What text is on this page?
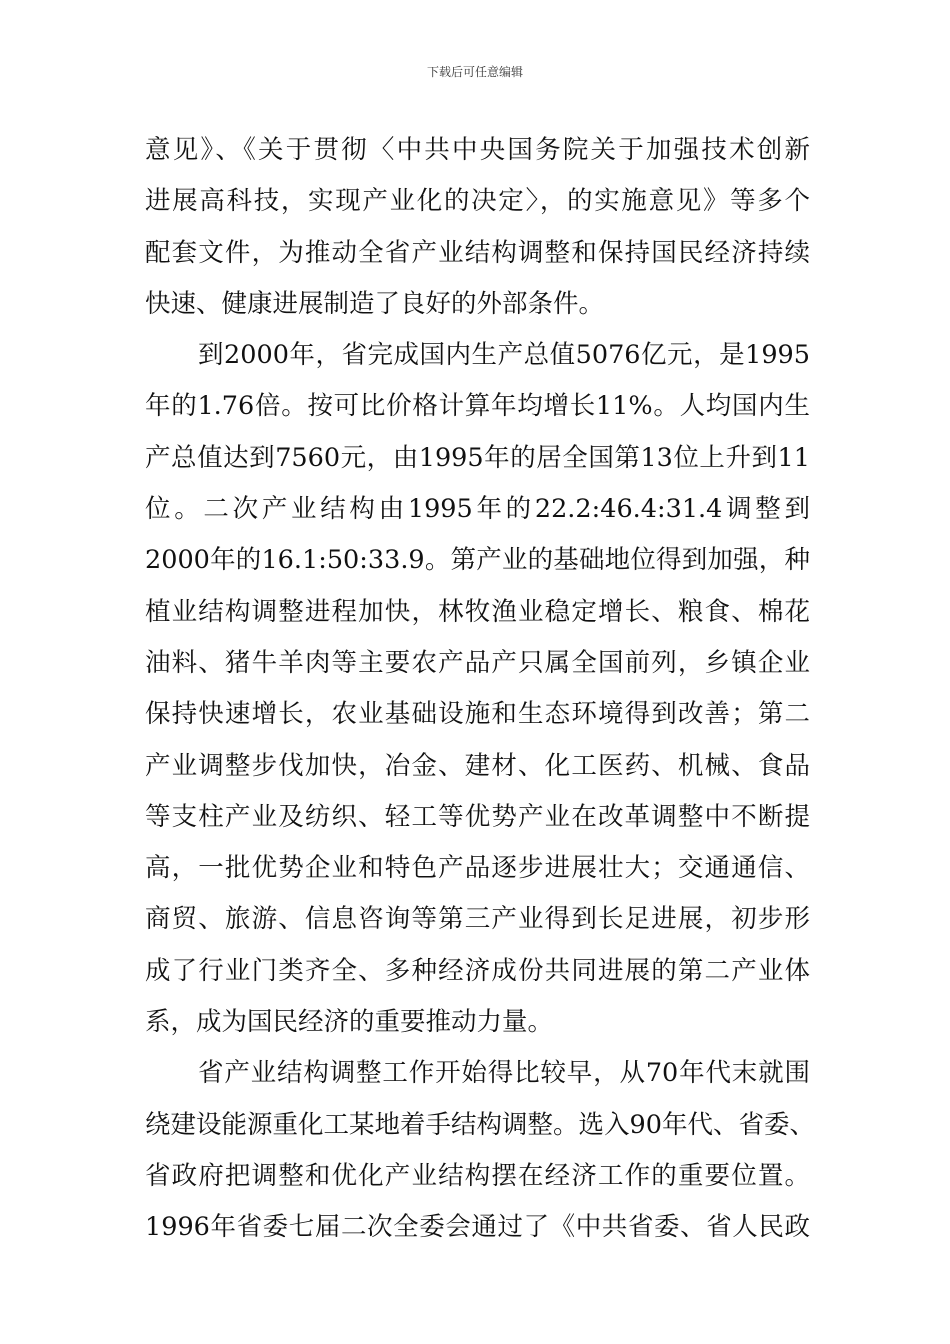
下载后可任意编辑
意见》、《关于贯彻〈中共中央国务院关于加强技术创新
进展高科技，实现产业化的决定〉，的实施意见》等多个
配套文件，为推动全省产业结构调整和保持国民经济持续
快速、健康进展制造了良好的外部条件。
到2000年，省完成国内生产总值5076亿元，是1995
年的1.76倍。按可比价格计算年均增长11%。人均国内生
产总值达到7560元，由1995年的居全国第13位上升到11
位。二次产业结构由1995年的22.2:46.4:31.4调整到
2000年的16.1:50:33.9。第产业的基础地位得到加强，种
植业结构调整进程加快，林牧渔业稳定增长、粮食、棉花
油料、猪牛羊肉等主要农产品产只属全国前列，乡镇企业
保持快速增长，农业基础设施和生态环境得到改善；第二
产业调整步伐加快，冶金、建材、化工医药、机械、食品
等支柱产业及纺织、轻工等优势产业在改革调整中不断提
高，一批优势企业和特色产品逐步进展壮大；交通通信、
商贸、旅游、信息咨询等第三产业得到长足进展，初步形
成了行业门类齐全、多种经济成份共同进展的第二产业体
系，成为国民经济的重要推动力量。
省产业结构调整工作开始得比较早，从70年代末就围
绕建设能源重化工某地着手结构调整。选入90年代、省委、
省政府把调整和优化产业结构摆在经济工作的重要位置。
1996年省委七届二次全委会通过了《中共省委、省人民政
